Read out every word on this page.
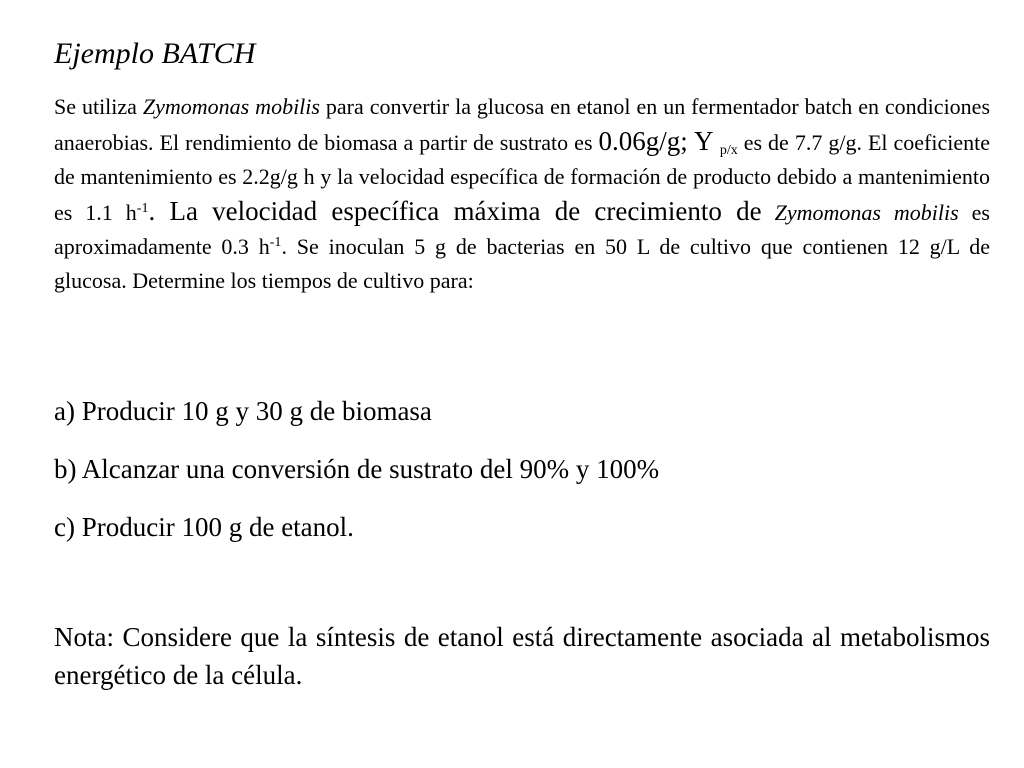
Ejemplo BATCH
Se utiliza Zymomonas mobilis para convertir la glucosa en etanol en un fermentador batch en condiciones anaerobias. El rendimiento de biomasa a partir de sustrato es 0.06g/g; Y $_{p/x}$ es de 7.7 g/g. El coeficiente de mantenimiento es 2.2g/g h y la velocidad específica de formación de producto debido a mantenimiento es 1.1 $h^{-1}$. La velocidad específica máxima de crecimiento de Zymomonas mobilis es aproximadamente 0.3 $h^{-1}$. Se inoculan 5 g de bacterias en 50 L de cultivo que contienen 12 g/L de glucosa. Determine los tiempos de cultivo para:
a) Producir 10 g y 30 g de biomasa
b) Alcanzar una conversión de sustrato del 90% y 100%
c) Producir 100 g de etanol.
Nota: Considere que la síntesis de etanol está directamente asociada al metabolismos energético de la célula.
